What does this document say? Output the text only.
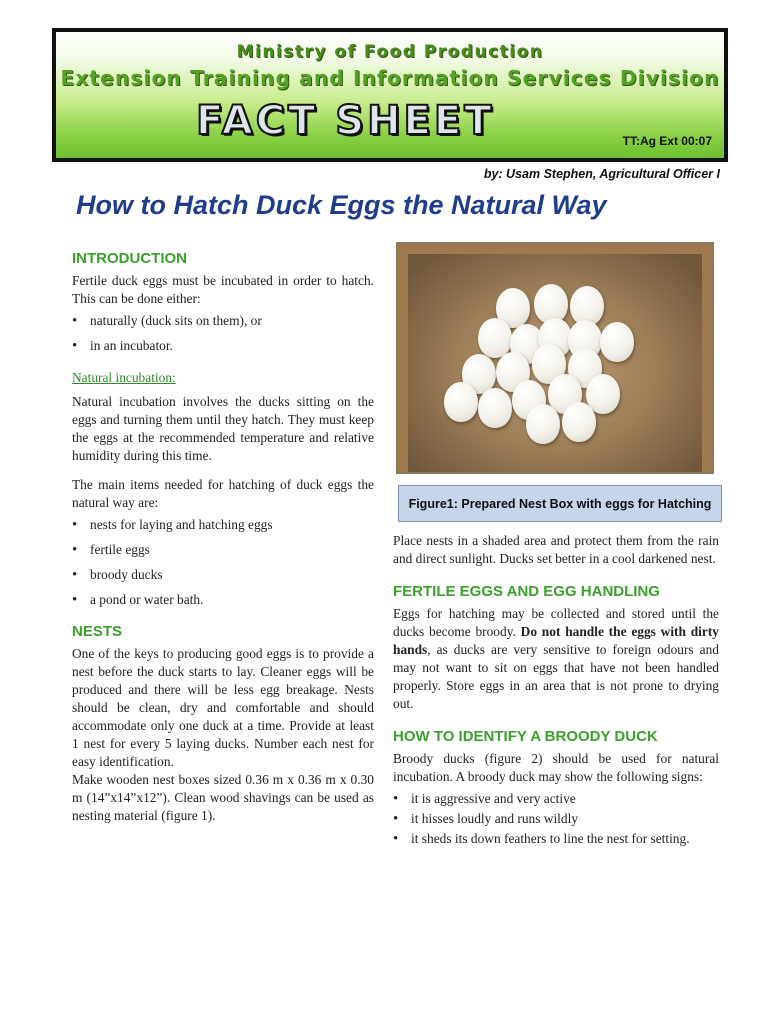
Ministry of Food Production
Extension Training and Information Services Division
FACT SHEET	TT:Ag Ext 00:07
by: Usam Stephen, Agricultural Officer I
How to Hatch Duck Eggs the Natural Way
INTRODUCTION

Fertile duck eggs must be incubated in order to hatch. This can be done either:

• naturally (duck sits on them), or
• in an incubator.

Natural incubation:

Natural incubation involves the ducks sitting on the eggs and turning them until they hatch. They must keep the eggs at the recommended temperature and relative humidity during this time.

The main items needed for hatching of duck eggs the natural way are:

• nests for laying and hatching eggs
• fertile eggs
• broody ducks
• a pond or water bath.
NESTS

One of the keys to producing good eggs is to provide a nest before the duck starts to lay. Cleaner eggs will be produced and there will be less egg breakage. Nests should be clean, dry and comfortable and should accommodate only one duck at a time. Provide at least 1 nest for every 5 laying ducks. Number each nest for easy identification.

Make wooden nest boxes sized 0.36 m x 0.36 m x 0.30 m (14”x14”x12”). Clean wood shavings can be used as nesting material (figure 1).

Figure1: Prepared Nest Box with eggs for Hatching

Place nests in a shaded area and protect them from the rain and direct sunlight. Ducks set better in a cool darkened nest.

FERTILE EGGS AND EGG HANDLING

Eggs for hatching may be collected and stored until the ducks become broody. Do not handle the eggs with dirty hands, as ducks are very sensitive to foreign odours and may not want to sit on eggs that have not been handled properly. Store eggs in an area that is not prone to drying out.

HOW TO IDENTIFY A BROODY DUCK

Broody ducks (figure 2) should be used for natural incubation. A broody duck may show the following signs:

• it is aggressive and very active
• it hisses loudly and runs wildly
• it sheds its down feathers to line the nest for setting.
